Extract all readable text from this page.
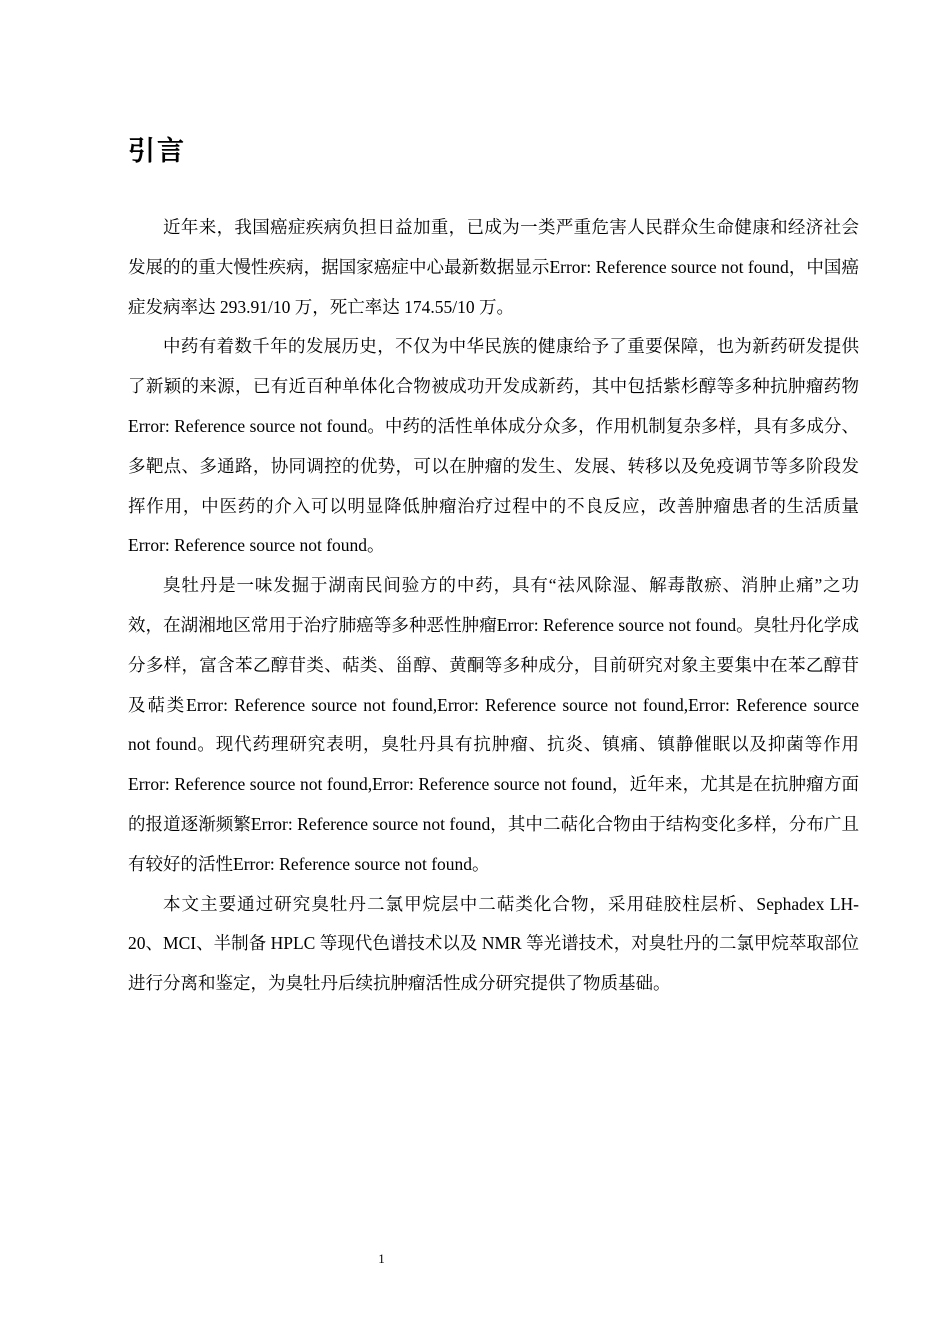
引言

近年来，我国癌症疾病负担日益加重，已成为一类严重危害人民群众生命健康和经济社会发展的的重大慢性疾病，据国家癌症中心最新数据显示Error: Reference source not found，中国癌症发病率达 293.91/10 万，死亡率达 174.55/10 万。

中药有着数千年的发展历史，不仅为中华民族的健康给予了重要保障，也为新药研发提供了新颖的来源，已有近百种单体化合物被成功开发成新药，其中包括紫杉醇等多种抗肿瘤药物Error: Reference source not found。中药的活性单体成分众多，作用机制复杂多样，具有多成分、多靶点、多通路，协同调控的优势，可以在肿瘤的发生、发展、转移以及免疫调节等多阶段发挥作用，中医药的介入可以明显降低肿瘤治疗过程中的不良反应，改善肿瘤患者的生活质量Error: Reference source not found。

臭牡丹是一味发掘于湖南民间验方的中药，具有“祛风除湿、解毒散瘀、消肿止痛”之功效，在湖湘地区常用于治疗肺癌等多种恶性肿瘤Error: Reference source not found。臭牡丹化学成分多样，富含苯乙醇苷类、萜类、甾醇、黄酮等多种成分，目前研究对象主要集中在苯乙醇苷及萜类Error: Reference source not found,Error: Reference source not found,Error: Reference source not found。现代药理研究表明，臭牡丹具有抗肿瘤、抗炎、镇痛、镇静催眠以及抑菌等作用Error: Reference source not found,Error: Reference source not found，近年来，尤其是在抗肿瘤方面的报道逐渐频繁Error: Reference source not found，其中二萜化合物由于结构变化多样，分布广且有较好的活性Error: Reference source not found。

本文主要通过研究臭牡丹二氯甲烷层中二萜类化合物，采用硅胶柱层析、Sephadex LH-20、MCI、半制备 HPLC 等现代色谱技术以及 NMR 等光谱技术，对臭牡丹的二氯甲烷萃取部位进行分离和鉴定，为臭牡丹后续抗肿瘤活性成分研究提供了物质基础。

1
